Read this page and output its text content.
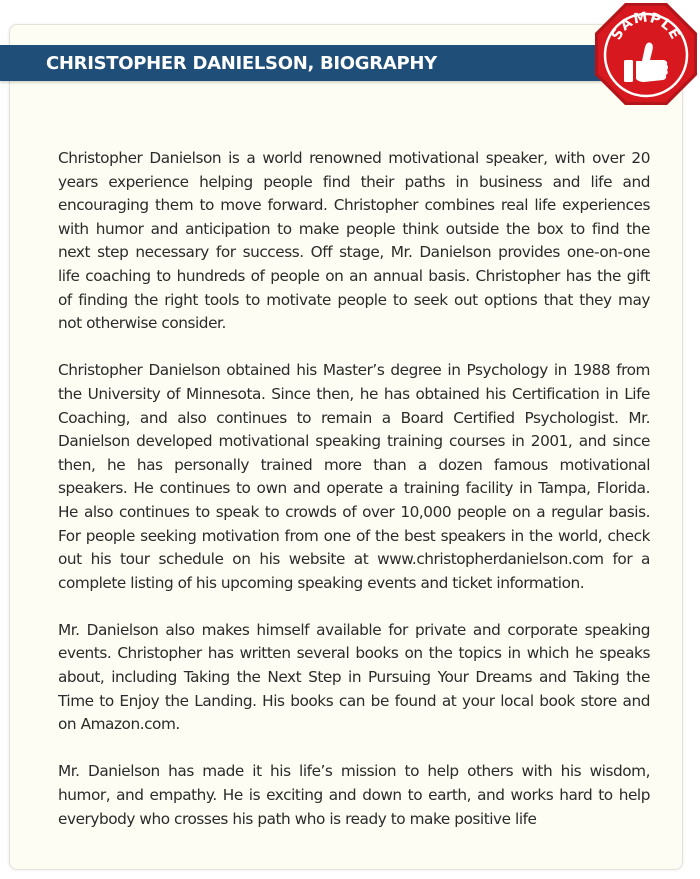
Christopher Danielson is a world renowned motivational speaker, with over 20 years experience helping people find their paths in business and life and encouraging them to move forward. Christopher combines real life experiences with humor and anticipation to make people think outside the box to find the next step necessary for success. Off stage, Mr. Danielson provides one-on-one life coaching to hundreds of people on an annual basis. Christopher has the gift of finding the right tools to motivate people to seek out options that they may not otherwise consider.

Christopher Danielson obtained his Master’s degree in Psychology in 1988 from the University of Minnesota. Since then, he has obtained his Certification in Life Coaching, and also continues to remain a Board Certified Psychologist. Mr. Danielson developed motivational speaking training courses in 2001, and since then, he has personally trained more than a dozen famous motivational speakers. He continues to own and operate a training facility in Tampa, Florida. He also continues to speak to crowds of over 10,000 people on a regular basis. For people seeking motivation from one of the best speakers in the world, check out his tour schedule on his website at www.christopherdanielson.com for a complete listing of his upcoming speaking events and ticket information.

Mr. Danielson also makes himself available for private and corporate speaking events. Christopher has written several books on the topics in which he speaks about, including Taking the Next Step in Pursuing Your Dreams and Taking the Time to Enjoy the Landing. His books can be found at your local book store and on Amazon.com.

Mr. Danielson has made it his life’s mission to help others with his wisdom, humor, and empathy. He is exciting and down to earth, and works hard to help everybody who crosses his path who is ready to make positive life

CHRISTOPHER DANIELSON, BIOGRAPHY
SAMPLE
